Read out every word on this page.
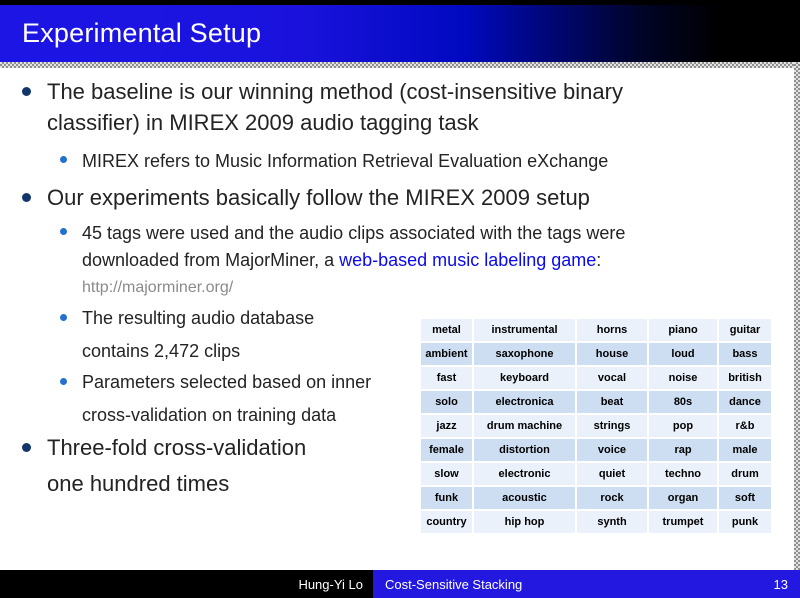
Experimental Setup
The baseline is our winning method (cost-insensitive binary
classifier) in MIREX 2009 audio tagging task
MIREX refers to Music Information Retrieval Evaluation eXchange
Our experiments basically follow the MIREX 2009 setup
45 tags were used and the audio clips associated with the tags were
downloaded from MajorMiner, a web-based music labeling game:
http://majorminer.org/
The resulting audio database
contains 2,472 clips
Parameters selected based on inner
cross-validation on training data
Three-fold cross-validation
one hundred times
metal	instrumental	horns	piano	guitar
ambient	saxophone	house	loud	bass
fast	keyboard	vocal	noise	british
solo	electronica	beat	80s	dance
jazz	drum machine	strings	pop	r&b
female	distortion	voice	rap	male
slow	electronic	quiet	techno	drum
funk	acoustic	rock	organ	soft
country	hip hop	synth	trumpet	punk
Hung-Yi Lo Cost-Sensitive Stacking	13
